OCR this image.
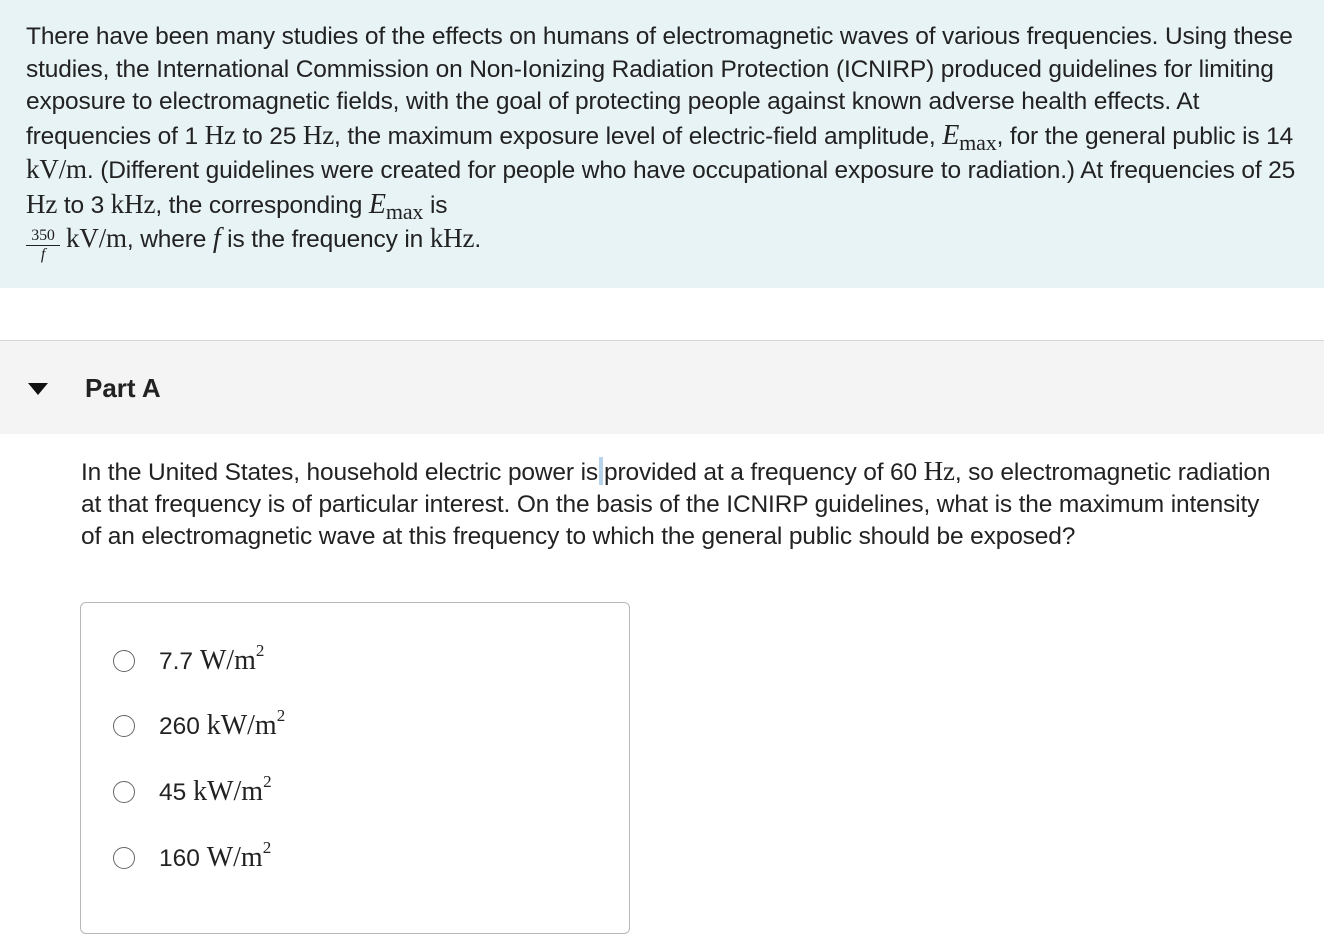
There have been many studies of the effects on humans of electromagnetic waves of various frequencies. Using these studies, the International Commission on Non-Ionizing Radiation Protection (ICNIRP) produced guidelines for limiting exposure to electromagnetic fields, with the goal of protecting people against known adverse health effects. At frequencies of 1 Hz to 25 Hz, the maximum exposure level of electric-field amplitude, Emax, for the general public is 14 kV/m. (Different guidelines were created for people who have occupational exposure to radiation.) At frequencies of 25 Hz to 3 kHz, the corresponding Emax is

$\frac{350}{f} kV/m$, where f is the frequency in kHz.
Part A
In the United States, household electric power is provided at a frequency of 60 Hz, so electromagnetic radiation at that frequency is of particular interest. On the basis of the ICNIRP guidelines, what is the maximum intensity of an electromagnetic wave at this frequency to which the general public should be exposed?
7.7 $W/m^2$
260 $kW/m^2$
45 $kW/m^2$
160 $W/m^2$
